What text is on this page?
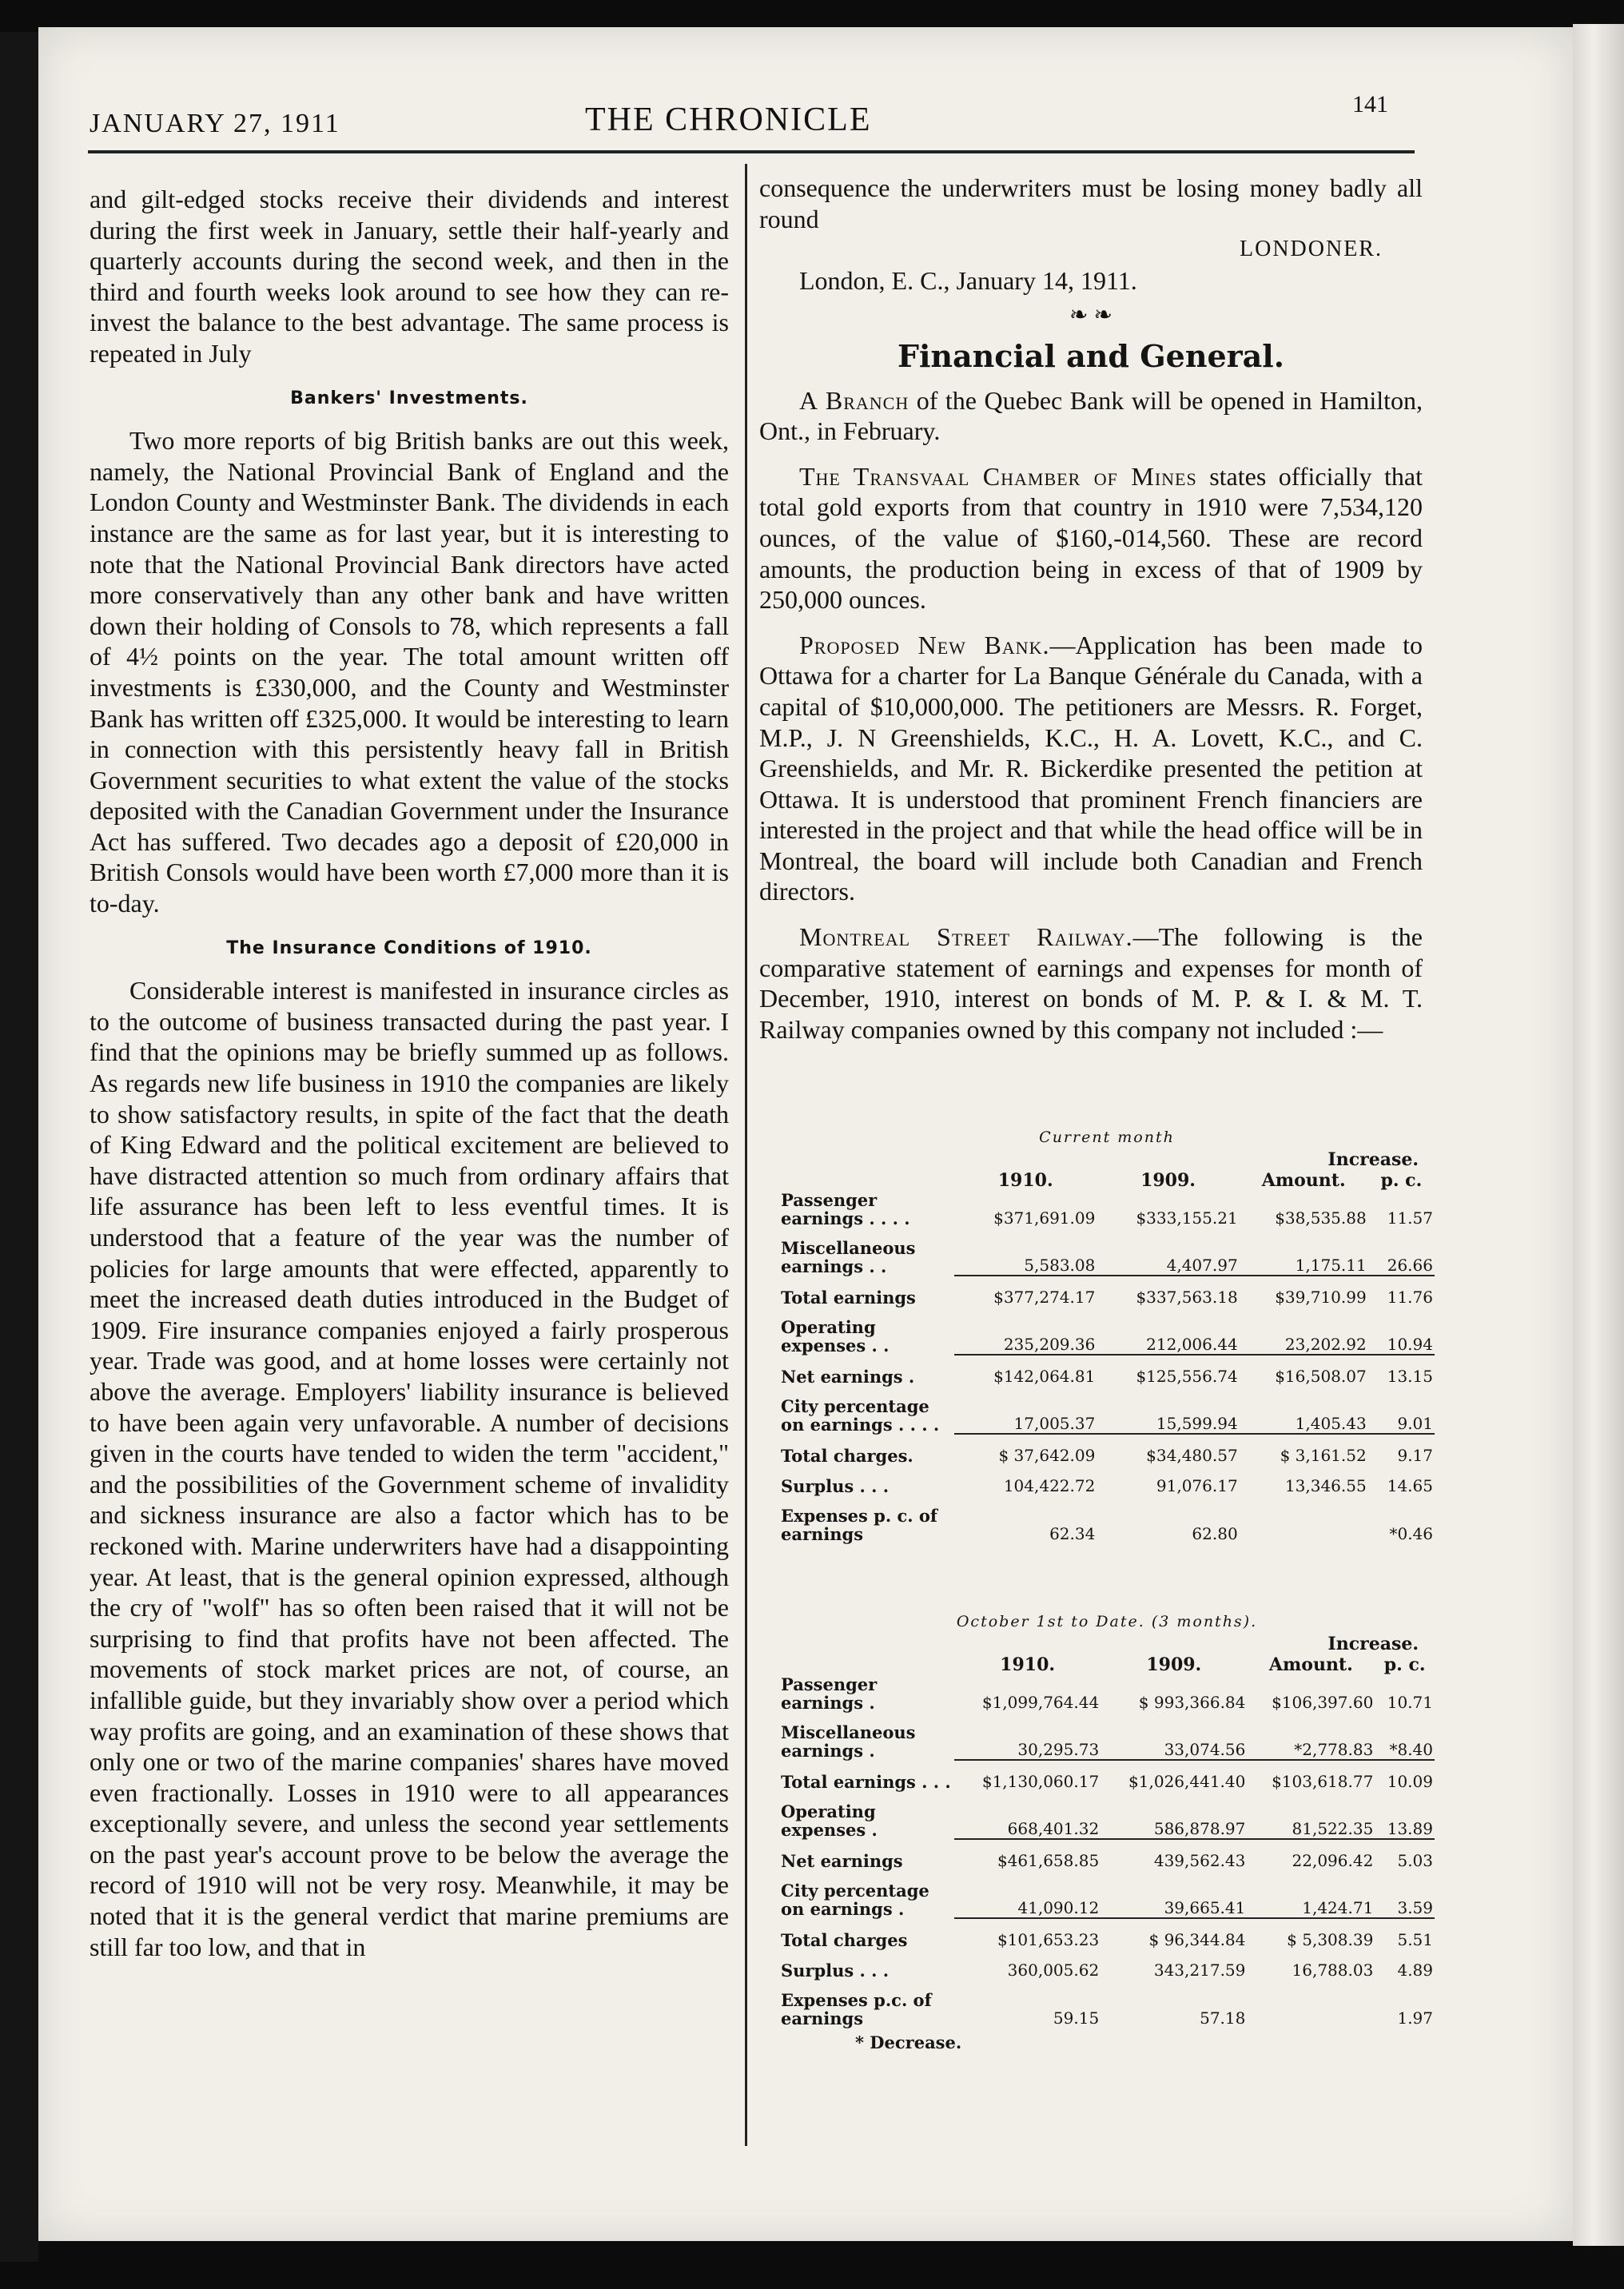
JANUARY 27, 1911	THE CHRONICLE	141

and gilt-edged stocks receive their dividends and interest during the first week in January, settle their half-yearly and quarterly accounts during the second week, and then in the third and fourth weeks look around to see how they can re-invest the balance to the best advantage. The same process is repeated in July

Bankers' Investments.

Two more reports of big British banks are out this week, namely, the National Provincial Bank of England and the London County and Westminster Bank. The dividends in each instance are the same as for last year, but it is interesting to note that the National Provincial Bank directors have acted more conservatively than any other bank and have written down their holding of Consols to 78, which represents a fall of 4½ points on the year. The total amount written off investments is £330,000, and the County and Westminster Bank has written off £325,000. It would be interesting to learn in connection with this persistently heavy fall in British Government securities to what extent the value of the stocks deposited with the Canadian Government under the Insurance Act has suffered. Two decades ago a deposit of £20,000 in British Consols would have been worth £7,000 more than it is to-day.

The Insurance Conditions of 1910.

Considerable interest is manifested in insurance circles as to the outcome of business transacted during the past year. I find that the opinions may be briefly summed up as follows. As regards new life business in 1910 the companies are likely to show satisfactory results, in spite of the fact that the death of King Edward and the political excitement are believed to have distracted attention so much from ordinary affairs that life assurance has been left to less eventful times. It is understood that a feature of the year was the number of policies for large amounts that were effected, apparently to meet the increased death duties introduced in the Budget of 1909. Fire insurance companies enjoyed a fairly prosperous year. Trade was good, and at home losses were certainly not above the average. Employers' liability insurance is believed to have been again very unfavorable. A number of decisions given in the courts have tended to widen the term "accident," and the possibilities of the Government scheme of invalidity and sickness insurance are also a factor which has to be reckoned with. Marine underwriters have had a disappointing year. At least, that is the general opinion expressed, although the cry of "wolf" has so often been raised that it will not be surprising to find that profits have not been affected. The movements of stock market prices are not, of course, an infallible guide, but they invariably show over a period which way profits are going, and an examination of these shows that only one or two of the marine companies' shares have moved even fractionally. Losses in 1910 were to all appearances exceptionally severe, and unless the second year settlements on the past year's account prove to be below the average the record of 1910 will not be very rosy. Meanwhile, it may be noted that it is the general verdict that marine premiums are still far too low, and that in

consequence the underwriters must be losing money badly all round

LONDONER.

London, E. C., January 14, 1911.

❧ ❧
Financial and General.

A Branch of the Quebec Bank will be opened in Hamilton, Ont., in February.

The Transvaal Chamber of Mines states officially that total gold exports from that country in 1910 were 7,534,120 ounces, of the value of $160,-014,560. These are record amounts, the production being in excess of that of 1909 by 250,000 ounces.

Proposed New Bank.—Application has been made to Ottawa for a charter for La Banque Générale du Canada, with a capital of $10,000,000. The petitioners are Messrs. R. Forget, M.P., J. N Greenshields, K.C., H. A. Lovett, K.C., and C. Greenshields, and Mr. R. Bickerdike presented the petition at Ottawa. It is understood that prominent French financiers are interested in the project and that while the head office will be in Montreal, the board will include both Canadian and French directors.

Montreal Street Railway.—The following is the comparative statement of earnings and expenses for month of December, 1910, interest on bonds of M. P. & I. & M. T. Railway companies owned by this company not included :—

Current month
Increase.
	1910.	1909.	Amount.	p. c.
Passenger earnings . . . .	$371,691.09	$333,155.21	$38,535.88	11.57
Miscellaneous earnings . .	5,583.08	4,407.97	1,175.11	26.66
Total earnings	$377,274.17	$337,563.18	$39,710.99	11.76
Operating expenses . .	235,209.36	212,006.44	23,202.92	10.94
Net earnings .	$142,064.81	$125,556.74	$16,508.07	13.15
City percentage on earnings . . . .	17,005.37	15,599.94	1,405.43	9.01
Total charges.	$ 37,642.09	$34,480.57	$ 3,161.52	9.17
Surplus . . .	104,422.72	91,076.17	13,346.55	14.65
Expenses p. c. of earnings	62.34	62.80		*0.46
October 1st to Date. (3 months).
Increase.
	1910.	1909.	Amount.	p. c.
Passenger earnings .	$1,099,764.44	$ 993,366.84	$106,397.60	10.71
Miscellaneous earnings .	30,295.73	33,074.56	*2,778.83	*8.40
Total earnings . . .	$1,130,060.17	$1,026,441.40	$103,618.77	10.09
Operating expenses .	668,401.32	586,878.97	81,522.35	13.89
Net earnings	$461,658.85	439,562.43	22,096.42	5.03
City percentage on earnings .	41,090.12	39,665.41	1,424.71	3.59
Total charges	$101,653.23	$ 96,344.84	$ 5,308.39	5.51
Surplus . . .	360,005.62	343,217.59	16,788.03	4.89
Expenses p.c. of earnings	59.15	57.18		1.97
* Decrease.
